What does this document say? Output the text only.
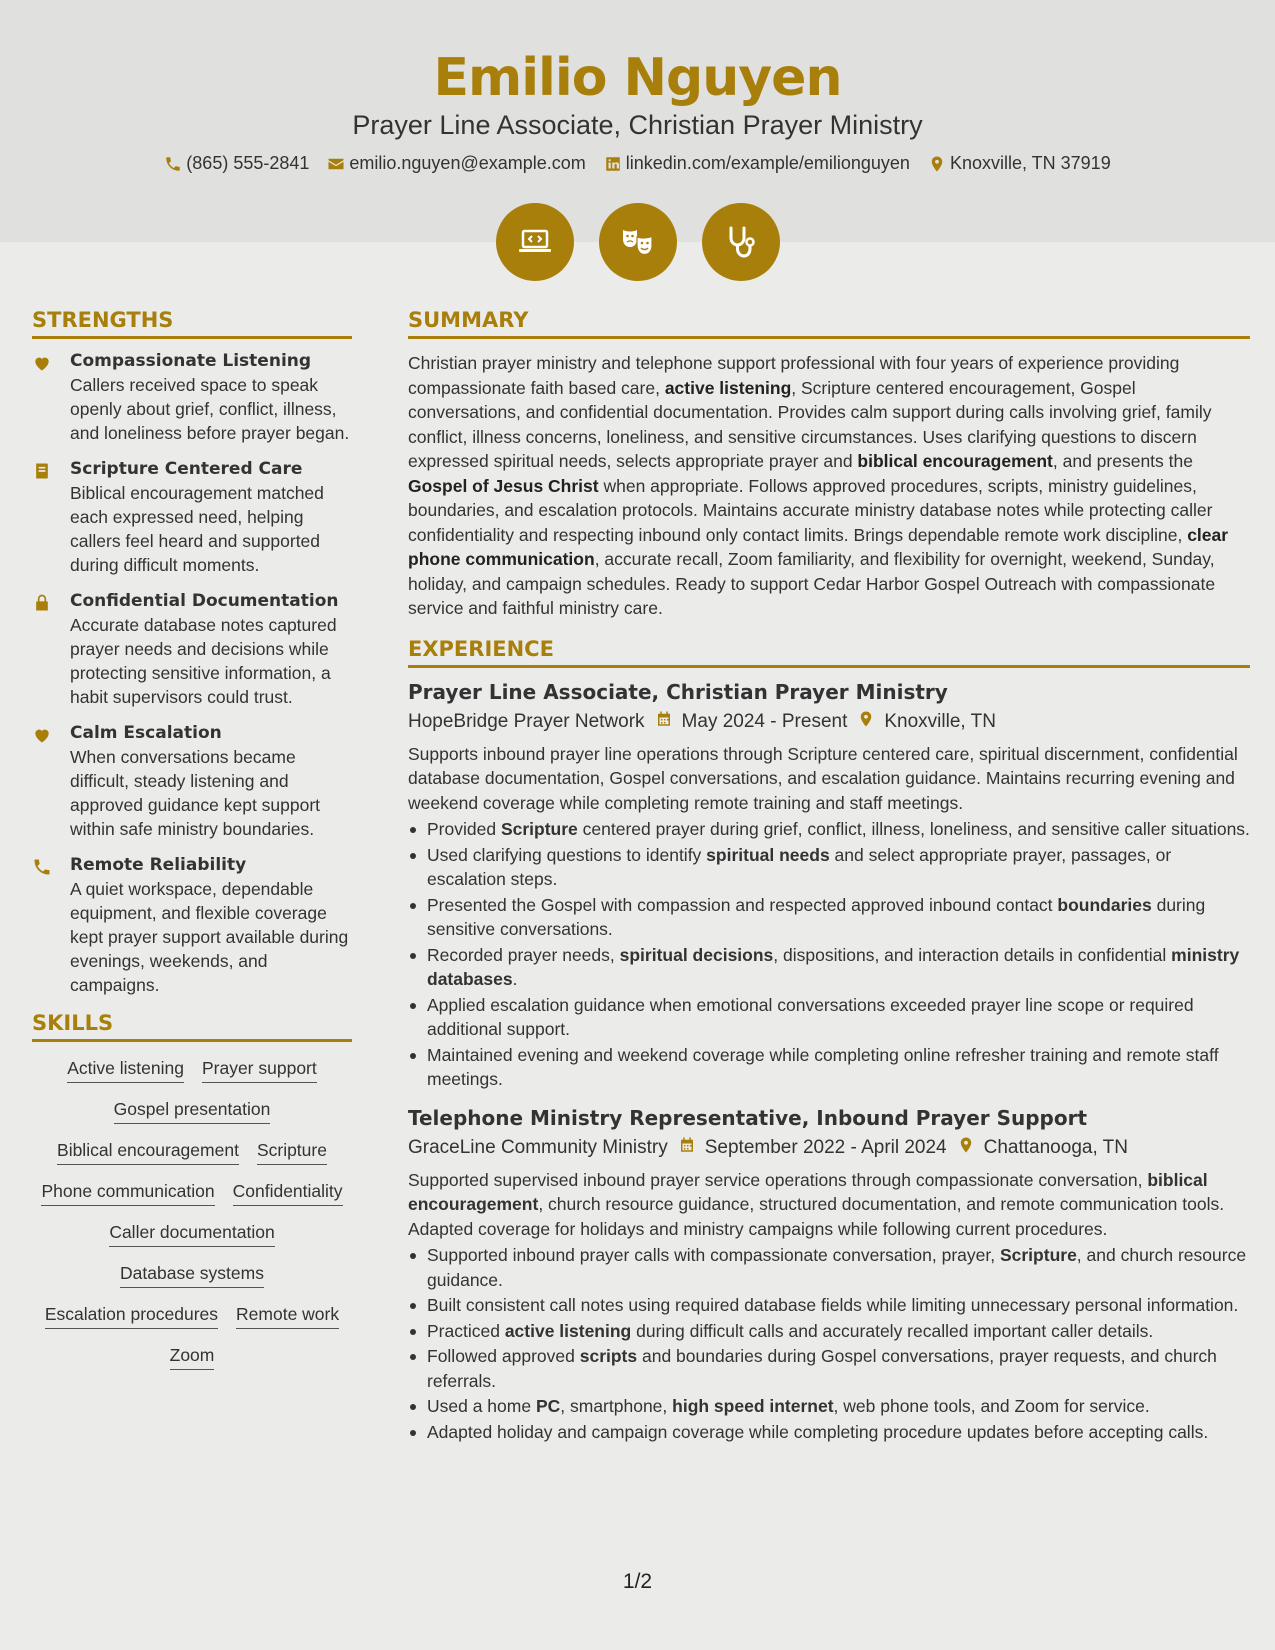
Emilio Nguyen
Prayer Line Associate, Christian Prayer Ministry
(865) 555-2841 emilio.nguyen@example.com linkedin.com/example/emilionguyen Knoxville, TN 37919
STRENGTHS
Compassionate Listening
Callers received space to speak openly about grief, conflict, illness, and loneliness before prayer began.
Scripture Centered Care
Biblical encouragement matched each expressed need, helping callers feel heard and supported during difficult moments.
Confidential Documentation
Accurate database notes captured prayer needs and decisions while protecting sensitive information, a habit supervisors could trust.
Calm Escalation
When conversations became difficult, steady listening and approved guidance kept support within safe ministry boundaries.
Remote Reliability
A quiet workspace, dependable equipment, and flexible coverage kept prayer support available during evenings, weekends, and campaigns.
SKILLS
Active listening Prayer support
Gospel presentation
Biblical encouragement Scripture
Phone communication Confidentiality
Caller documentation
Database systems
Escalation procedures Remote work
Zoom
SUMMARY
Christian prayer ministry and telephone support professional with four years of experience providing compassionate faith based care, active listening, Scripture centered encouragement, Gospel conversations, and confidential documentation. Provides calm support during calls involving grief, family conflict, illness concerns, loneliness, and sensitive circumstances. Uses clarifying questions to discern expressed spiritual needs, selects appropriate prayer and biblical encouragement, and presents the Gospel of Jesus Christ when appropriate. Follows approved procedures, scripts, ministry guidelines, boundaries, and escalation protocols. Maintains accurate ministry database notes while protecting caller confidentiality and respecting inbound only contact limits. Brings dependable remote work discipline, clear phone communication, accurate recall, Zoom familiarity, and flexibility for overnight, weekend, Sunday, holiday, and campaign schedules. Ready to support Cedar Harbor Gospel Outreach with compassionate service and faithful ministry care.
EXPERIENCE
Prayer Line Associate, Christian Prayer Ministry
HopeBridge Prayer Network May 2024 - Present Knoxville, TN
Supports inbound prayer line operations through Scripture centered care, spiritual discernment, confidential database documentation, Gospel conversations, and escalation guidance. Maintains recurring evening and weekend coverage while completing remote training and staff meetings.
Provided Scripture centered prayer during grief, conflict, illness, loneliness, and sensitive caller situations.
Used clarifying questions to identify spiritual needs and select appropriate prayer, passages, or escalation steps.
Presented the Gospel with compassion and respected approved inbound contact boundaries during sensitive conversations.
Recorded prayer needs, spiritual decisions, dispositions, and interaction details in confidential ministry databases.
Applied escalation guidance when emotional conversations exceeded prayer line scope or required additional support.
Maintained evening and weekend coverage while completing online refresher training and remote staff meetings.
Telephone Ministry Representative, Inbound Prayer Support
GraceLine Community Ministry September 2022 - April 2024 Chattanooga, TN
Supported supervised inbound prayer service operations through compassionate conversation, biblical encouragement, church resource guidance, structured documentation, and remote communication tools. Adapted coverage for holidays and ministry campaigns while following current procedures.
Supported inbound prayer calls with compassionate conversation, prayer, Scripture, and church resource guidance.
Built consistent call notes using required database fields while limiting unnecessary personal information.
Practiced active listening during difficult calls and accurately recalled important caller details.
Followed approved scripts and boundaries during Gospel conversations, prayer requests, and church referrals.
Used a home PC, smartphone, high speed internet, web phone tools, and Zoom for service.
Adapted holiday and campaign coverage while completing procedure updates before accepting calls.
1/2
